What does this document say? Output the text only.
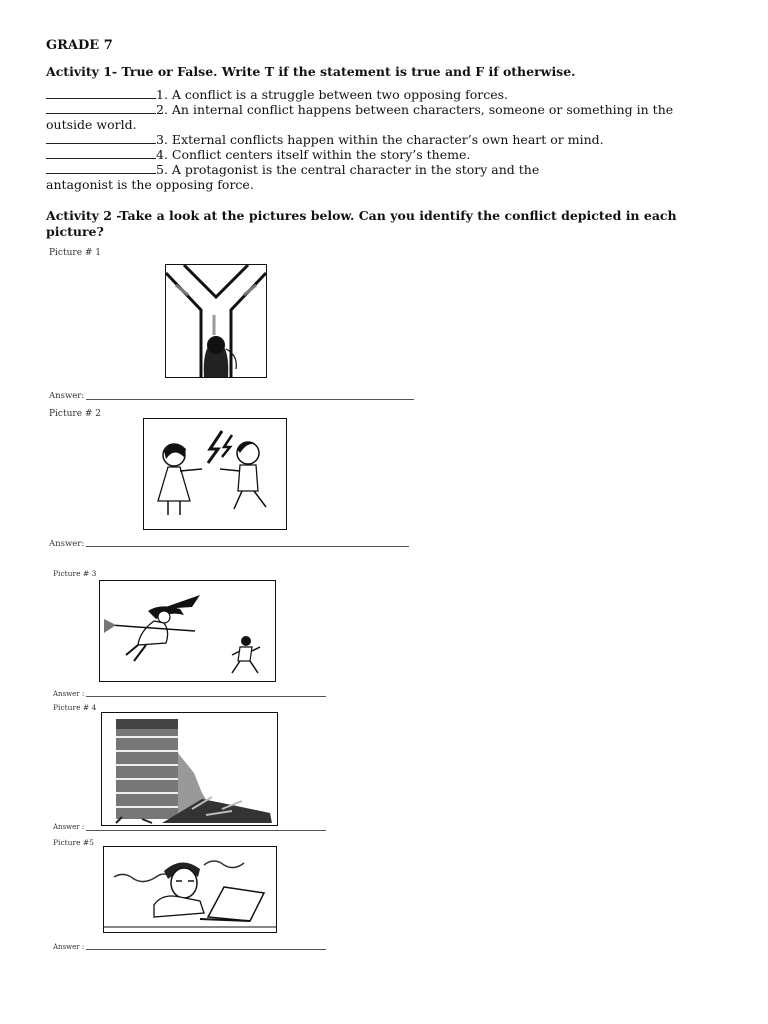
GRADE 7
Activity 1- True or False. Write T if the statement is true and F if otherwise.
1. A conflict is a struggle between two opposing forces.
2. An internal conflict happens between characters, someone or something in the
outside world.
3. External conflicts happen within the character’s own heart or mind.
4. Conflict centers itself within the story’s theme.
5. A protagonist is the central character in the story and the
antagonist is the opposing force.
Activity 2 -Take a look at the pictures below. Can you identify the conflict depicted in each
picture?
Picture # 1
Answer:
Picture # 2
Answer:
Picture # 3
Answer :
Picture # 4
Answer :
Picture #5
Answer :
